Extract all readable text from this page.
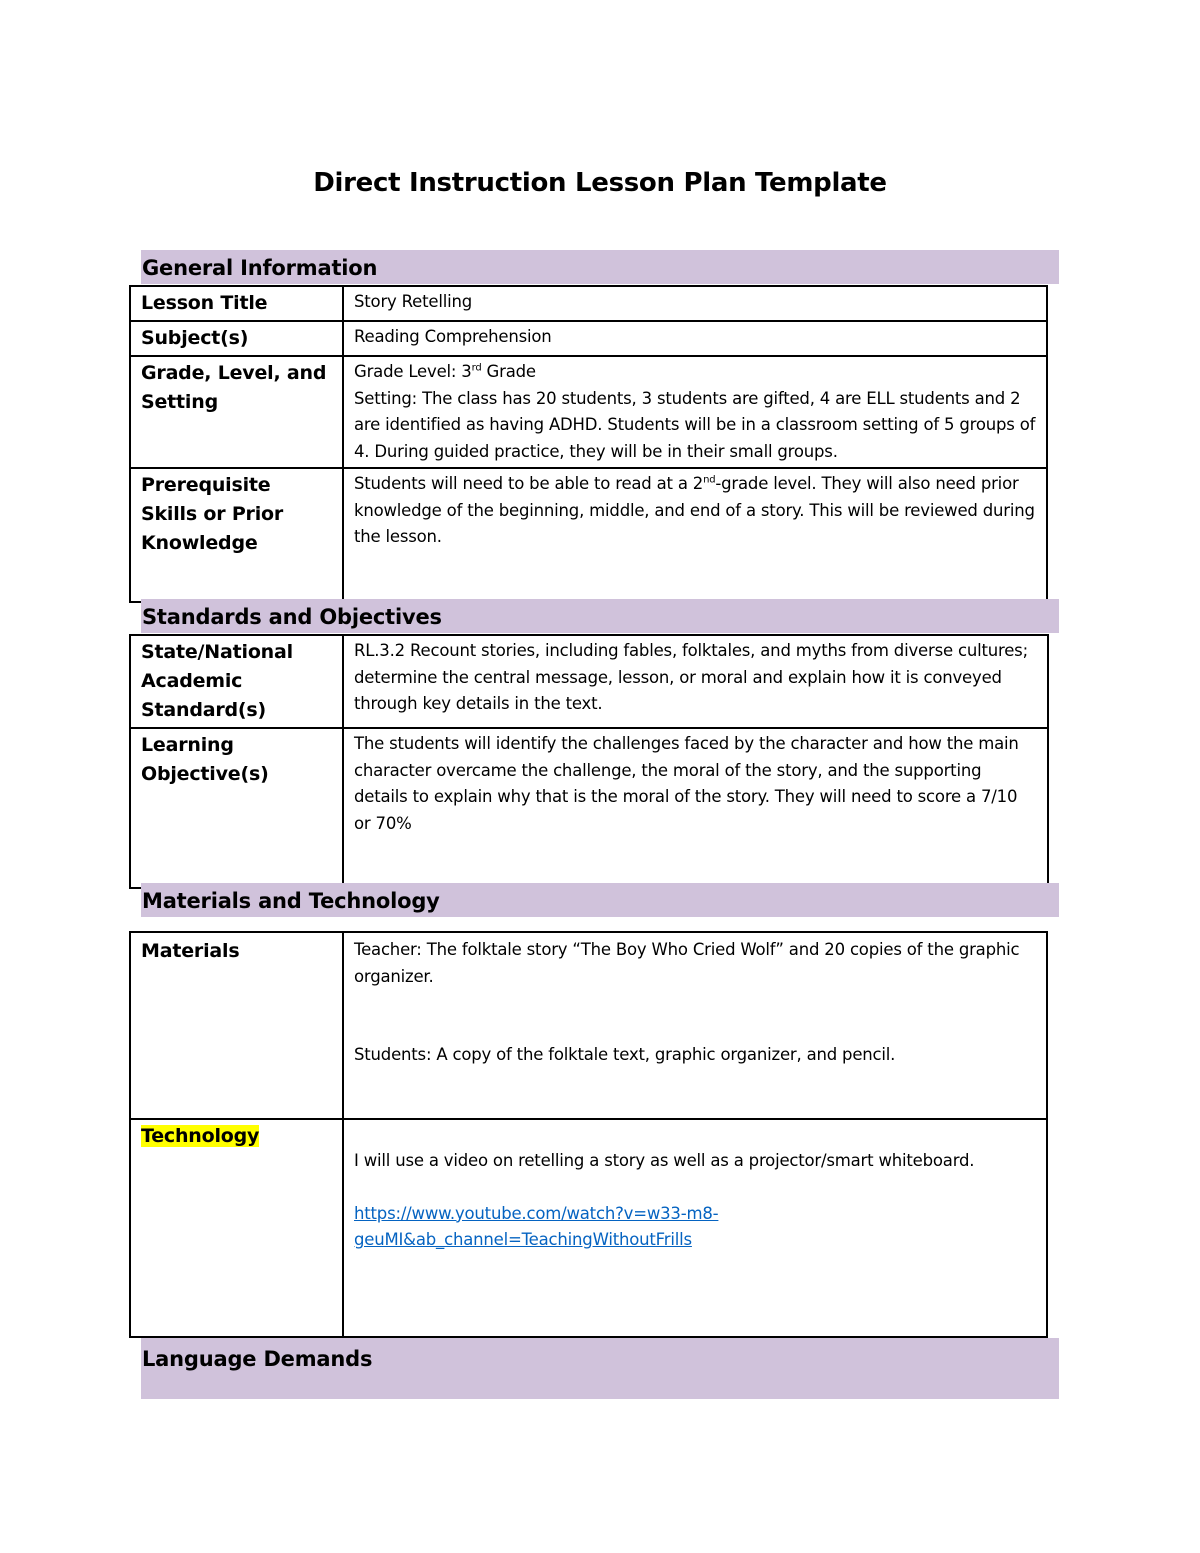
Direct Instruction Lesson Plan Template
General Information
Lesson Title	Story Retelling
Subject(s)	Reading Comprehension
Grade, Level, and Setting	Grade Level: 3rd Grade
Setting: The class has 20 students, 3 students are gifted, 4 are ELL students and 2 are identified as having ADHD. Students will be in a classroom setting of 5 groups of 4. During guided practice, they will be in their small groups.

Prerequisite Skills or Prior Knowledge	Students will need to be able to read at a 2nd-grade level. They will also need prior knowledge of the beginning, middle, and end of a story. This will be reviewed during the lesson.
Standards and Objectives
State/National Academic Standard(s)	RL.3.2 Recount stories, including fables, folktales, and myths from diverse cultures; determine the central message, lesson, or moral and explain how it is conveyed through key details in the text.
Learning Objective(s)	The students will identify the challenges faced by the character and how the main character overcame the challenge, the moral of the story, and the supporting details to explain why that is the moral of the story. They will need to score a 7/10 or 70%
Materials and Technology
Materials	Teacher: The folktale story “The Boy Who Cried Wolf” and 20 copies of the graphic organizer.
Students: A copy of the folktale text, graphic organizer, and pencil.

Technology	I will use a video on retelling a story as well as a projector/smart whiteboard.
https://www.youtube.com/watch?v=w33-m8-
geuMI&ab_channel=TeachingWithoutFrills
Language Demands
